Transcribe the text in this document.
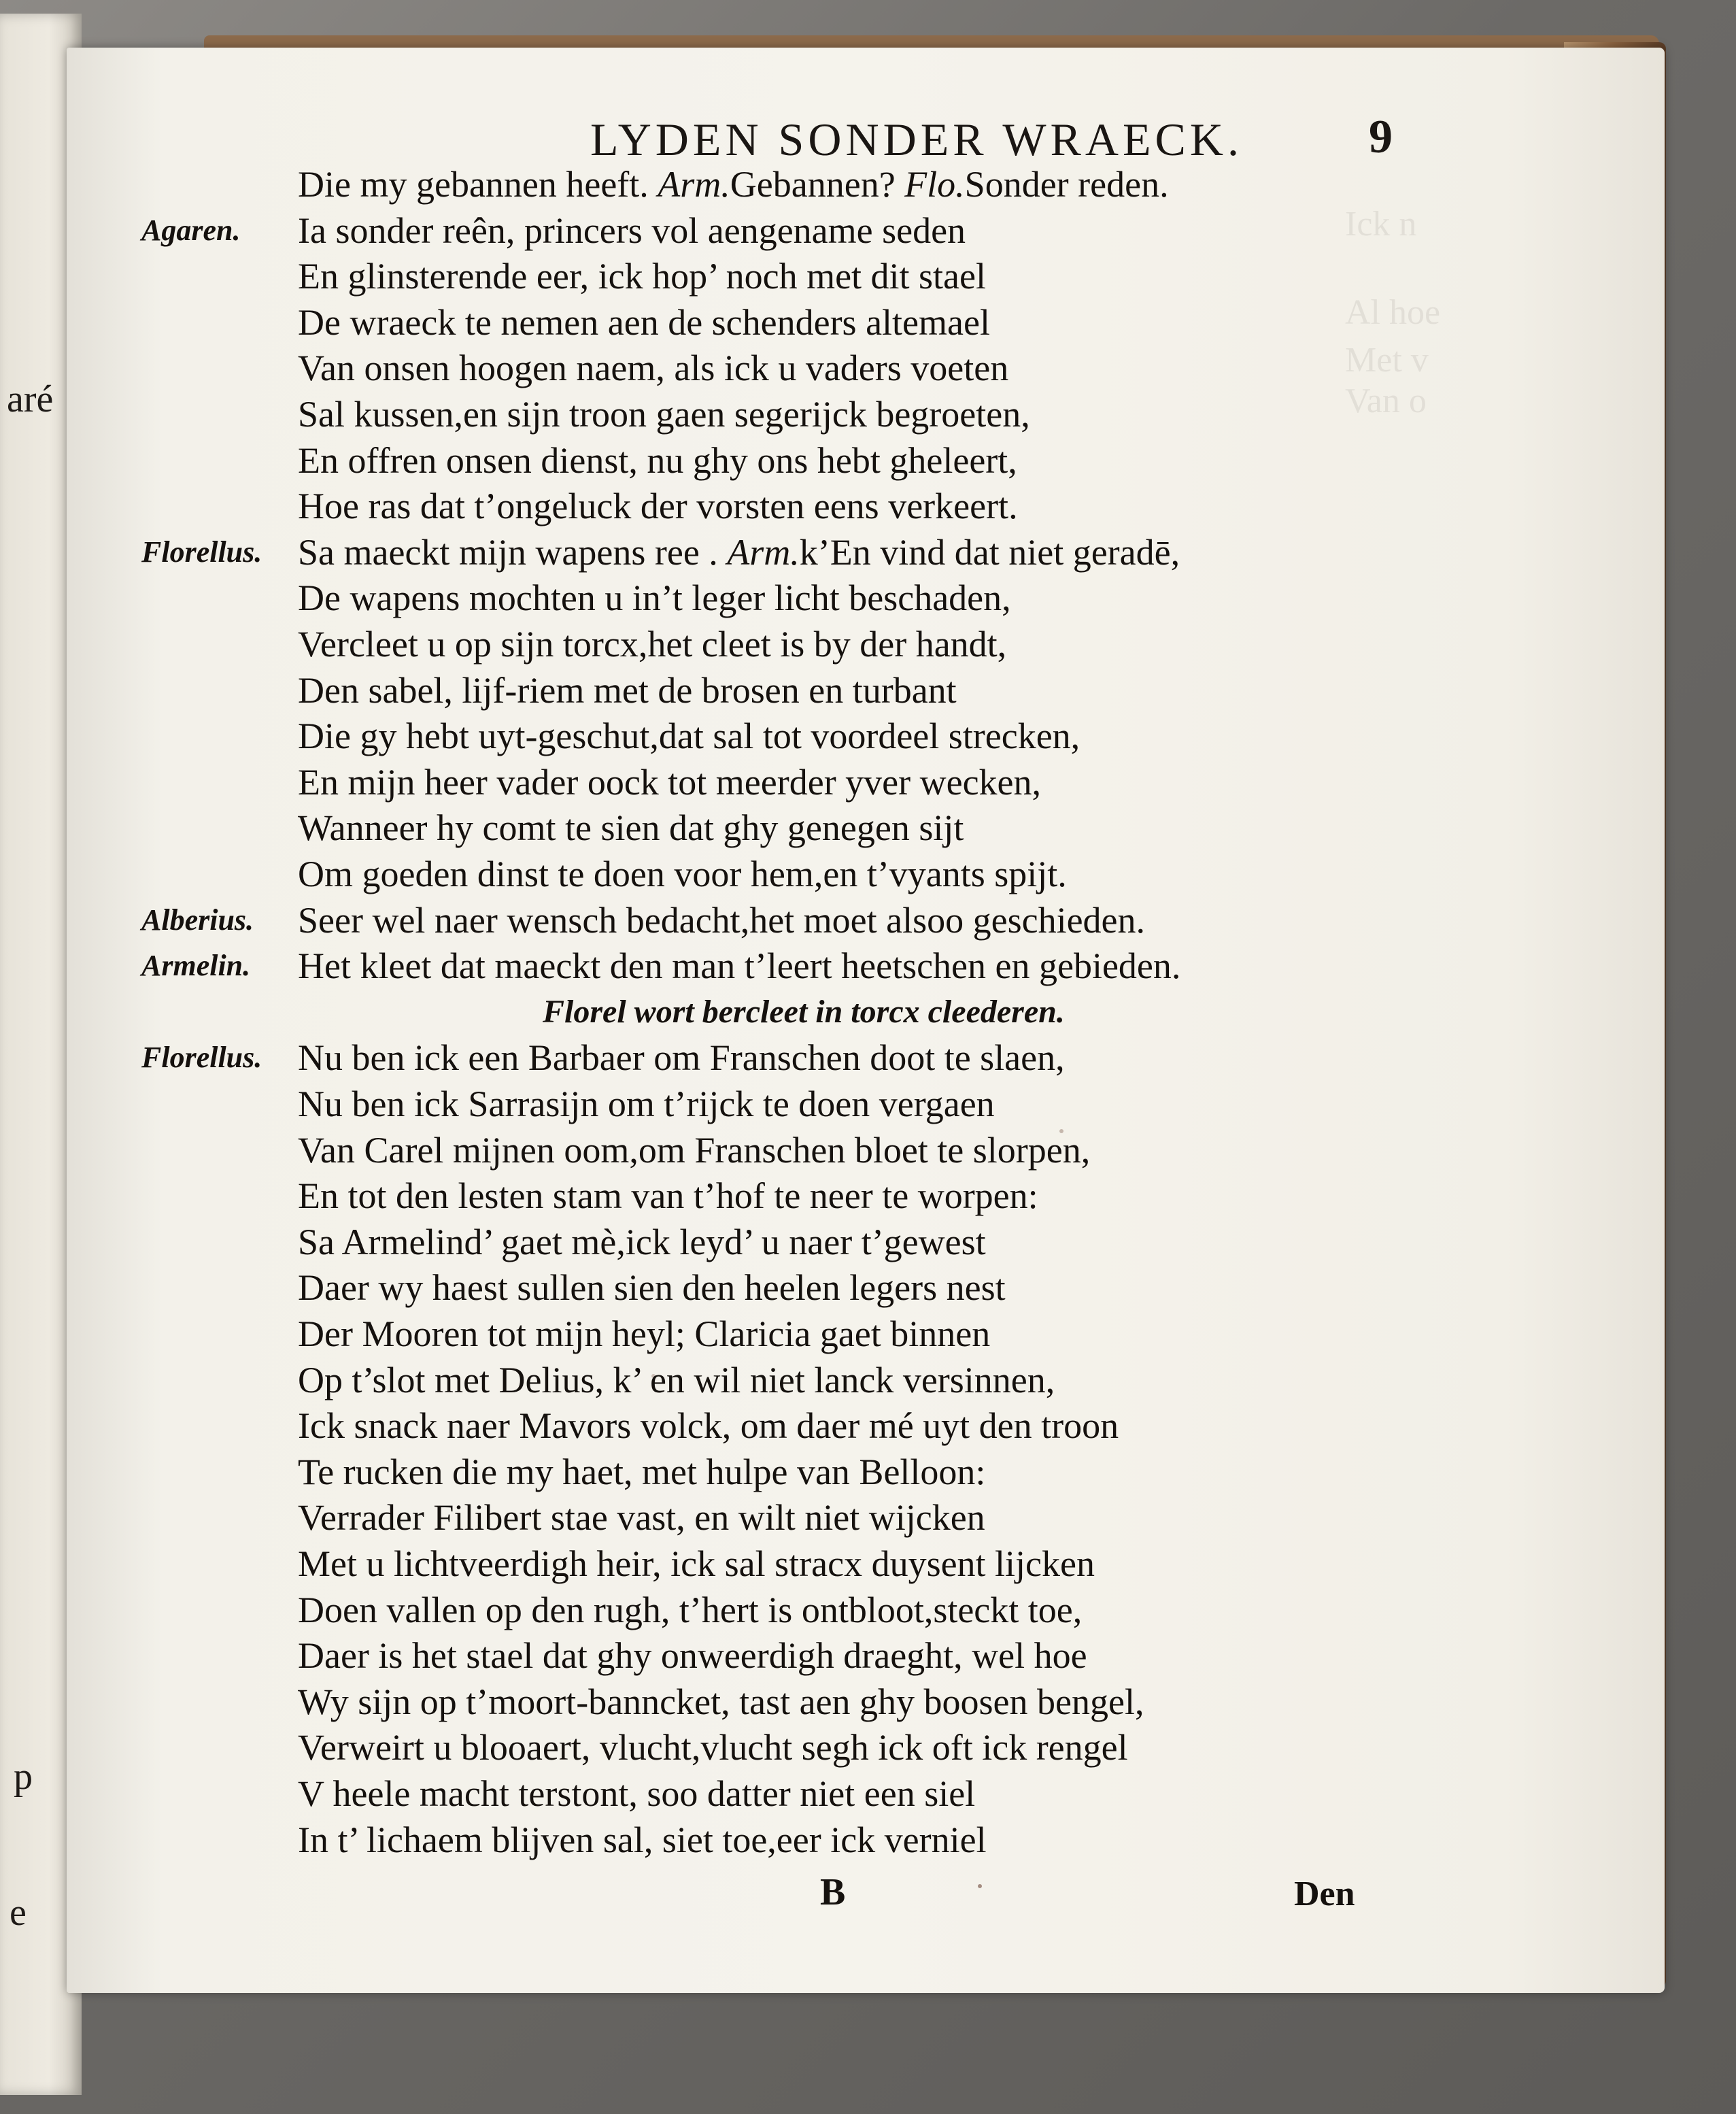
aré
p
e
Ick n
Al hoe
Met v
Van o
LYDEN SONDER WRAECK.	9
B	Den
Die my gebannen heeft. Arm.Gebannen? Flo.Sonder reden.
Agaren. Ia sonder reên, princers vol aengename seden
En glinsterende eer, ick hop’ noch met dit stael
De wraeck te nemen aen de schenders altemael
Van onsen hoogen naem, als ick u vaders voeten
Sal kussen,en sijn troon gaen segerijck begroeten,
En offren onsen dienst, nu ghy ons hebt gheleert,
Hoe ras dat t’ongeluck der vorsten eens verkeert.
Florellus. Sa maeckt mijn wapens ree . Arm.k’En vind dat niet geradē,
De wapens mochten u in’t leger licht beschaden,
Vercleet u op sijn torcx,het cleet is by der handt,
Den sabel, lijf-riem met de brosen en turbant
Die gy hebt uyt-geschut,dat sal tot voordeel strecken,
En mijn heer vader oock tot meerder yver wecken,
Wanneer hy comt te sien dat ghy genegen sijt
Om goeden dinst te doen voor hem,en t’vyants spijt.
Alberius. Seer wel naer wensch bedacht,het moet alsoo geschieden.
Armelin. Het kleet dat maeckt den man t’leert heetschen en gebieden.
Florel wort bercleet in torcx cleederen.
Florellus. Nu ben ick een Barbaer om Franschen doot te slaen,
Nu ben ick Sarrasijn om t’rijck te doen vergaen
Van Carel mijnen oom,om Franschen bloet te slorpen,
En tot den lesten stam van t’hof te neer te worpen:
Sa Armelind’ gaet mè,ick leyd’ u naer t’gewest
Daer wy haest sullen sien den heelen legers nest
Der Mooren tot mijn heyl; Claricia gaet binnen
Op t’slot met Delius, k’ en wil niet lanck versinnen,
Ick snack naer Mavors volck, om daer mé uyt den troon
Te rucken die my haet, met hulpe van Belloon:
Verrader Filibert stae vast, en wilt niet wijcken
Met u lichtveerdigh heir, ick sal stracx duysent lijcken
Doen vallen op den rugh, t’hert is ontbloot,steckt toe,
Daer is het stael dat ghy onweerdigh draeght, wel hoe
Wy sijn op t’moort-banncket, tast aen ghy boosen bengel,
Verweirt u blooaert, vlucht,vlucht segh ick oft ick rengel
V heele macht terstont, soo datter niet een siel
In t’ lichaem blijven sal, siet toe,eer ick verniel
